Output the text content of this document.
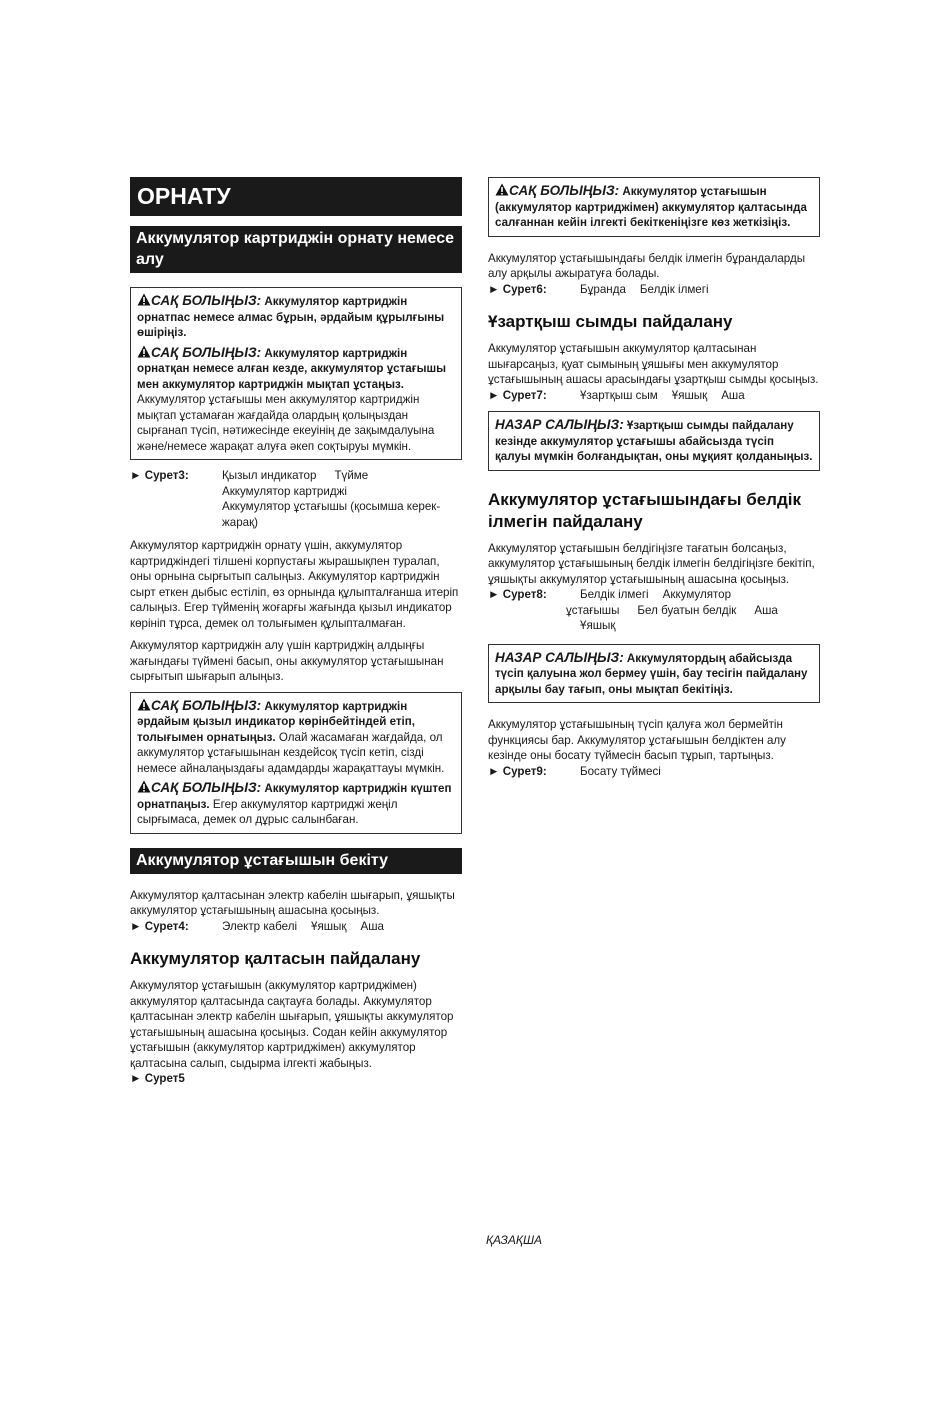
ОРНАТУ
Аккумулятор картриджін орнату немесе алу
САҚ БОЛЫҢЫЗ: Аккумулятор картриджін орнатпас немесе алмас бұрын, әрдайым құрылғыны өшіріңіз.
САҚ БОЛЫҢЫЗ: Аккумулятор картриджін орнатқан немесе алған кезде, аккумулятор ұстағышы мен аккумулятор картриджін мықтап ұстаңыз. Аккумулятор ұстағышы мен аккумулятор картриджін мықтап ұстамаған жағдайда олардың қолыңыздан сырғанап түсіп, нәтижесінде екеуінің де зақымдалуына және/немесе жарақат алуға әкеп соқтыруы мүмкін.
► Сурет3:	Қызыл индикатор Түйме
Аккумулятор картриджі
Аккумулятор ұстағышы (қосымша керек-жарақ)

Аккумулятор картриджін орнату үшін, аккумулятор картриджіндегі тілшені корпустағы жырашықпен туралап, оны орнына сырғытып салыңыз. Аккумулятор картриджін сырт еткен дыбыс естіліп, өз орнында құлыпталғанша итеріп салыңыз. Егер түйменің жоғарғы жағында қызыл индикатор көрініп тұрса, демек ол толығымен құлыпталмаған.

Аккумулятор картриджін алу үшін картриджің алдыңғы жағындағы түймені басып, оны аккумулятор ұстағышынан сырғытып шығарып алыңыз.

САҚ БОЛЫҢЫЗ: Аккумулятор картриджін әрдайым қызыл индикатор көрінбейтіндей етіп, толығымен орнатыңыз. Олай жасамаған жағдайда, ол аккумулятор ұстағышынан кездейсоқ түсіп кетіп, сізді немесе айналаңыздағы адамдарды жарақаттауы мүмкін.
САҚ БОЛЫҢЫЗ: Аккумулятор картриджін күштеп орнатпаңыз. Егер аккумулятор картриджі жеңіл сырғымаса, демек ол дұрыс салынбаған.
Аккумулятор ұстағышын бекіту

Аккумулятор қалтасынан электр кабелін шығарып, ұяшықты аккумулятор ұстағышының ашасына қосыңыз.

► Сурет4:	Электр кабелі Ұяшық Аша
Аккумулятор қалтасын пайдалану

Аккумулятор ұстағышын (аккумулятор картриджімен) аккумулятор қалтасында сақтауға болады. Аккумулятор қалтасынан электр кабелін шығарып, ұяшықты аккумулятор ұстағышының ашасына қосыңыз. Содан кейін аккумулятор ұстағышын (аккумулятор картриджімен) аккумулятор қалтасына салып, сыдырма ілгекті жабыңыз.

► Сурет5
САҚ БОЛЫҢЫЗ: Аккумулятор ұстағышын (аккумулятор картриджімен) аккумулятор қалтасында салғаннан кейін ілгекті бекіткеніңізге көз жеткізіңіз.

Аккумулятор ұстағышындағы белдік ілмегін бұрандаларды алу арқылы ажыратуға болады.

► Сурет6:	Бұранда Белдік ілмегі
Ұзартқыш сымды пайдалану

Аккумулятор ұстағышын аккумулятор қалтасынан шығарсаңыз, қуат сымының ұяшығы мен аккумулятор ұстағышының ашасы арасындағы ұзартқыш сымды қосыңыз.

► Сурет7:	Ұзартқыш сым Ұяшық Аша
НАЗАР САЛЫҢЫЗ: Ұзартқыш сымды пайдалану кезінде аккумулятор ұстағышы абайсызда түсіп қалуы мүмкін болғандықтан, оны мұқият қолданыңыз.
Аккумулятор ұстағышындағы белдік ілмегін пайдалану

Аккумулятор ұстағышын белдігіңізге тағатын болсаңыз, аккумулятор ұстағышының белдік ілмегін белдігіңізге бекітіп, ұяшықты аккумулятор ұстағышының ашасына қосыңыз.

► Сурет8:	Белдік ілмегі Аккумулятор
ұстағышы Бел буатын белдік Аша
Ұяшық
НАЗАР САЛЫҢЫЗ: Аккумулятордың абайсызда түсіп қалуына жол бермеу үшін, бау тесігін пайдалану арқылы бау тағып, оны мықтап бекітіңіз.

Аккумулятор ұстағышының түсіп қалуға жол бермейтін функциясы бар. Аккумулятор ұстағышын белдіктен алу кезінде оны босату түймесін басып тұрып, тартыңыз.

► Сурет9:	Босату түймесі
ҚАЗАҚША
